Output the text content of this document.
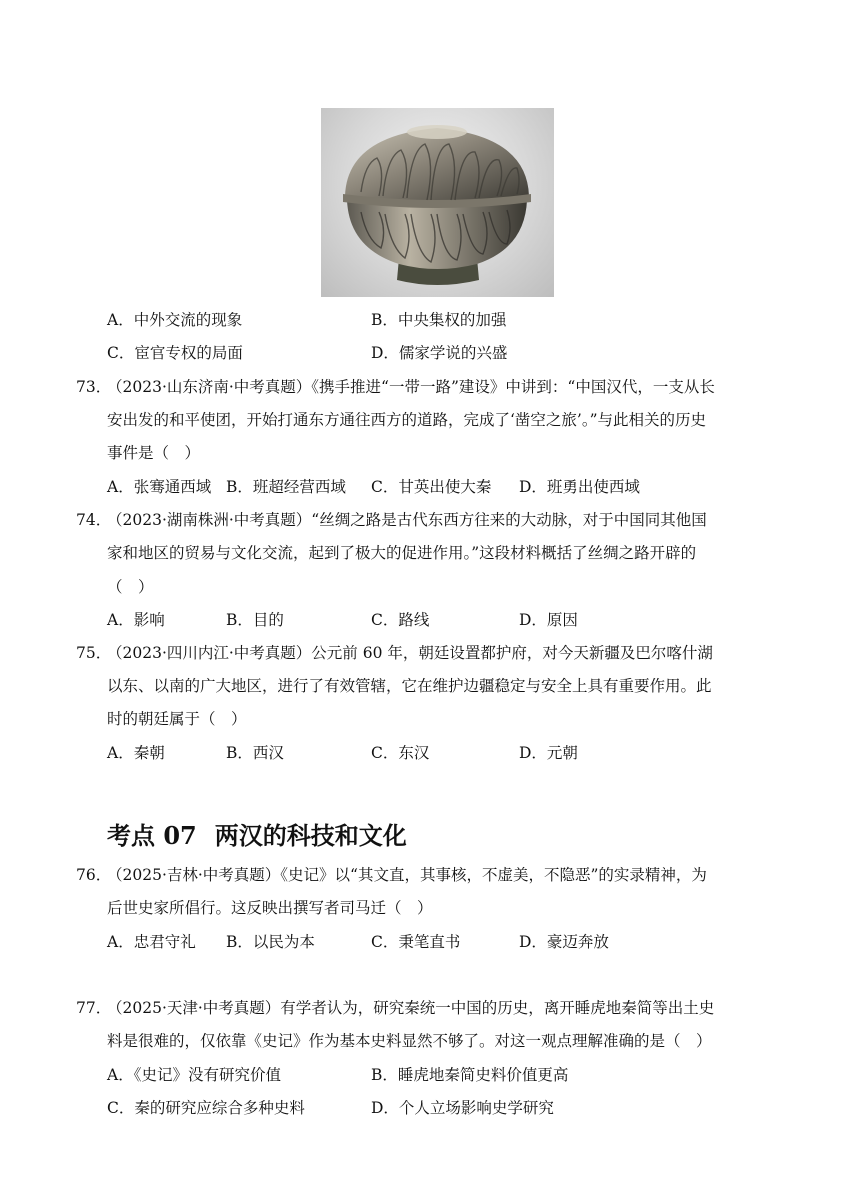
A．中外交流的现象	B．中央集权的加强
C．宦官专权的局面	D．儒家学说的兴盛
73．
（2023·山东济南·中考真题）《携手推进“一带一路”建设》中讲到：“中国汉代，一支从长
安出发的和平使团，开始打通东方通往西方的道路，完成了‘凿空之旅’。”与此相关的历史
事件是（　）
A．张骞通西域 B．班超经营西域 C．甘英出使大秦 D．班勇出使西域
74．
（2023·湖南株洲·中考真题）“丝绸之路是古代东西方往来的大动脉，对于中国同其他国
家和地区的贸易与文化交流，起到了极大的促进作用。”这段材料概括了丝绸之路开辟的
（　）
A．影响	B．目的	C．路线	D．原因
75．
（2023·四川内江·中考真题）公元前 60 年，朝廷设置都护府，对今天新疆及巴尔喀什湖
以东、以南的广大地区，进行了有效管辖，它在维护边疆稳定与安全上具有重要作用。此
时的朝廷属于（　）
A．秦朝	B．西汉	C．东汉	D．元朝
考点 07 两汉的科技和文化
76．
（2025·吉林·中考真题）《史记》以“其文直，其事核，不虚美，不隐恶”的实录精神，为
后世史家所倡行。这反映出撰写者司马迁（　）
A．忠君守礼 B．以民为本	C．秉笔直书	D．豪迈奔放
77．
（2025·天津·中考真题）有学者认为，研究秦统一中国的历史，离开睡虎地秦简等出土史
料是很难的，仅依靠《史记》作为基本史料显然不够了。对这一观点理解准确的是（　）
A．《史记》没有研究价值	B．睡虎地秦简史料价值更高
C．秦的研究应综合多种史料	D．个人立场影响史学研究
